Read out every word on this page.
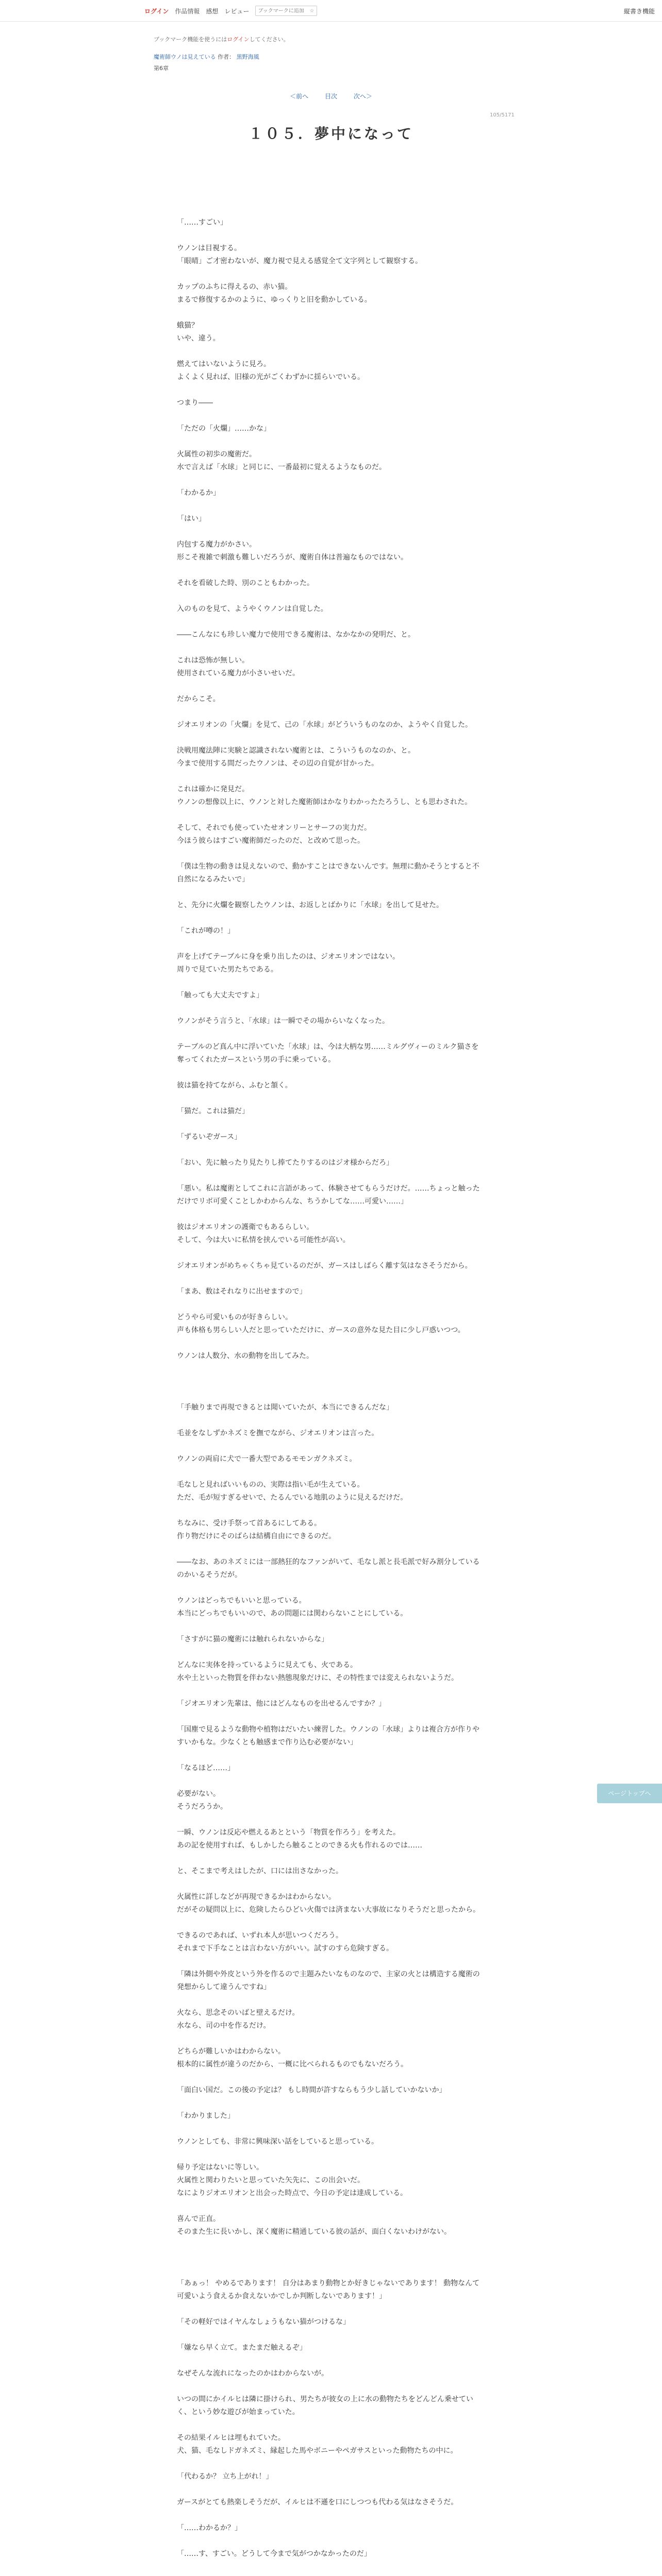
ログイン 作品情報 感想 レビュー
ブックマークに追加	☆	縦書き機能
ブックマーク機能を使うにはログインしてください。
魔術師ウノは見えている 作者： 黒野海風
第6章
＜前へ	目次	次へ＞
105/5171
１０５．夢中になって

「……すごい」

ウノンは目視する。
「眼晴」ご才密わないが、魔力視で見える感覚全て文字列として観察する。

カップのふちに得えるの、赤い猫。
まるで修復するかのように、ゆっくりと旧を動かしている。

蛾猫？
いや、違う。

燃えてはいないように見ろ。
よくよく見れば、旧様の光がごくわずかに揺らいでいる。

つまり――

「ただの「火爛」……かな」

火属性の初歩の魔術だ。
水で言えば「水球」と同じに、一番最初に覚えるようなものだ。

「わかるか」

「はい」

内包する魔力がかさい。
形こそ複雑で刺激も難しいだろうが、魔術自体は普遍なものではない。

それを看破した時、別のこともわかった。

入のものを見て、ようやくウノンは自覚した。

――こんなにも珍しい魔力で使用できる魔術は、なかなかの発明だ、と。

これは恐怖が無しい。
使用されている魔力が小さいせいだ。

だからこそ。

ジオエリオンの「火爛」を見て、己の「水球」がどういうものなのか、ようやく自覚した。

決戦用魔法陣に実験と認識されない魔術とは、こういうものなのか、と。
今まで使用する間だったウノンは、その辺の自覚が甘かった。

これは確かに発見だ。
ウノンの想像以上に、ウノンと対した魔術師はかなりわかったたろうし、とも思わされた。

そして、それでも使っていたせオンリーとサーフの実力だ。
今ほう彼らはすごい魔術師だったのだ、と改めて思った。

「僕は生物の動きは見えないので、動かすことはできないんです。無理に動かそうとすると不自然になるみたいで」

と、先分に火爛を観察したウノンは、お返しとばかりに「水球」を出して見せた。

「これが噂の！」

声を上げてテーブルに身を乗り出したのは、ジオエリオンではない。
周りで見ていた男たちである。

「触っても大丈夫ですよ」

ウノンがそう言うと、「水球」は一瞬でその場からいなくなった。

テーブルのど真ん中に浮いていた「水球」は、今は大柄な男……ミルグヴィーのミルク猫さを奪ってくれたガースという男の手に乗っている。

彼は猫を持てながら、ふむと頷く。

「猫だ。これは猫だ」

「ずるいぞガース」

「おい、先に触ったり見たりし捧てたりするのはジオ様からだろ」

「悪い。私は魔術としてこれに言語があって、体験させてもらうだけだ。……ちょっと触っただけでリボ可愛くことしかわからんな、ちうかしてな……可愛い……」

彼はジオエリオンの護衛でもあるらしい。
そして、今は大いに私情を挟んでいる可能性が高い。

ジオエリオンがめちゃくちゃ見ているのだが、ガースはしばらく離す気はなさそうだから。

「まあ、数はそれなりに出せますので」

どうやら可愛いものが好きらしい。
声も体格も男らしい人だと思っていただけに、ガースの意外な見た目に少し戸惑いつつ。

ウノンは人数分、水の動物を出してみた。

「手触りまで再現できるとは聞いていたが、本当にできるんだな」

毛並をなしずかネズミを撫でながら、ジオエリオンは言った。

ウノンの両肩に犬で一番大型であるモモンガクネズミ。

毛なしと見ればいいものの、実際は指い毛が生えている。
ただ、毛が短すぎるせいで、たるんでいる地肌のように見えるだけだ。

ちなみに、受け手祭って首あるにしてある。
作り物だけにそのばらは結構自由にできるのだ。

――なお、あのネズミには一部熱狂的なファンがいて、毛なし派と長毛派で好み割分しているのかいるそうだが。

ウノンはどっちでもいいと思っている。
本当にどっちでもいいので、あの問題には関わらないことにしている。

「さすがに猫の魔術には触れられないからな」

どんなに実体を持っているように見えても、火である。
水や土といった物質を伴わない熱態現象だけに、その特性までは変えられないようだ。

「ジオエリオン先輩は、他にはどんなものを出せるんですか？」

「国塵で見るような動物や植物はだいたい練習した。ウノンの「水球」よりは複合方が作りやすいかもな。少なくとも触感まで作り込む必要がない」

「なるほど……」

必要がない。
そうだろうか。

一瞬、ウノンは反応や燃えるあとという「物質を作ろう」を考えた。
あの記を使用すれば、もしかしたら触ることのできる火も作れるのでは……

と、そこまで考えはしたが、口には出さなかった。

火属性に詳しなどが再現できるかはわからない。
だがその疑問以上に、危険したらひどい火傷では済まない大事故になりそうだと思ったから。

できるのであれば、いずれ本人が思いつくだろう。
それまで下手なことは言わない方がいい。試すのすら危険すぎる。

「隣は外側や外皮という外を作るので主題みたいなものなので、主家の火とは構造する魔術の発想からして違うんですね」

火なら、思念そのいばと壁えるだけ。
水なら、司の中を作るだけ。

どちらが難しいかはわからない。
根本的に属性が違うのだから、一概に比べられるものでもないだろう。

「面白い国だ。この後の予定は？ もし時間が許すならもう少し話していかないか」

「わかりました」

ウノンとしても、非常に興味深い話をしていると思っている。

帰り予定はないに等しい。
火属性と関わりたいと思っていた矢先に、この出会いだ。
なによりジオエリオンと出会った時点で、今日の予定は達成している。

喜んで正直。
そのまた生に長いかし、深く魔術に精通している彼の話が、面白くないわけがない。

「あぁっ！ やめるであります！ 自分はあまり動物とか好きじゃないであります！ 動物なんて可愛いよう食えるか食えないかでしか判断しないであります！」

「その軽好ではイヤんなしょうもない猫がつけるな」

「嫌なら早く立て。またまだ触えるぞ」

なぜそんな流れになったのかはわからないが。

いつの間にかイルヒは隣に掛けられ、男たちが彼女の上に水の動物たちをどんどん乗せていく、という妙な遊びが始まっていた。

その結果イルヒは埋もれていた。
犬、猫、毛なしドガネズミ、縁起した馬やボニーやペガサスといった動物たちの中に。

「代わるか？ 立ち上がれ！」

ガースがとても熱楽しそうだが、イルヒは不遜を口にしつつも代わる気はなさそうだ。

「……わかるか？」

「……す、すごい。どうして今まで気がつかなかったのだ」

ページトップへ
